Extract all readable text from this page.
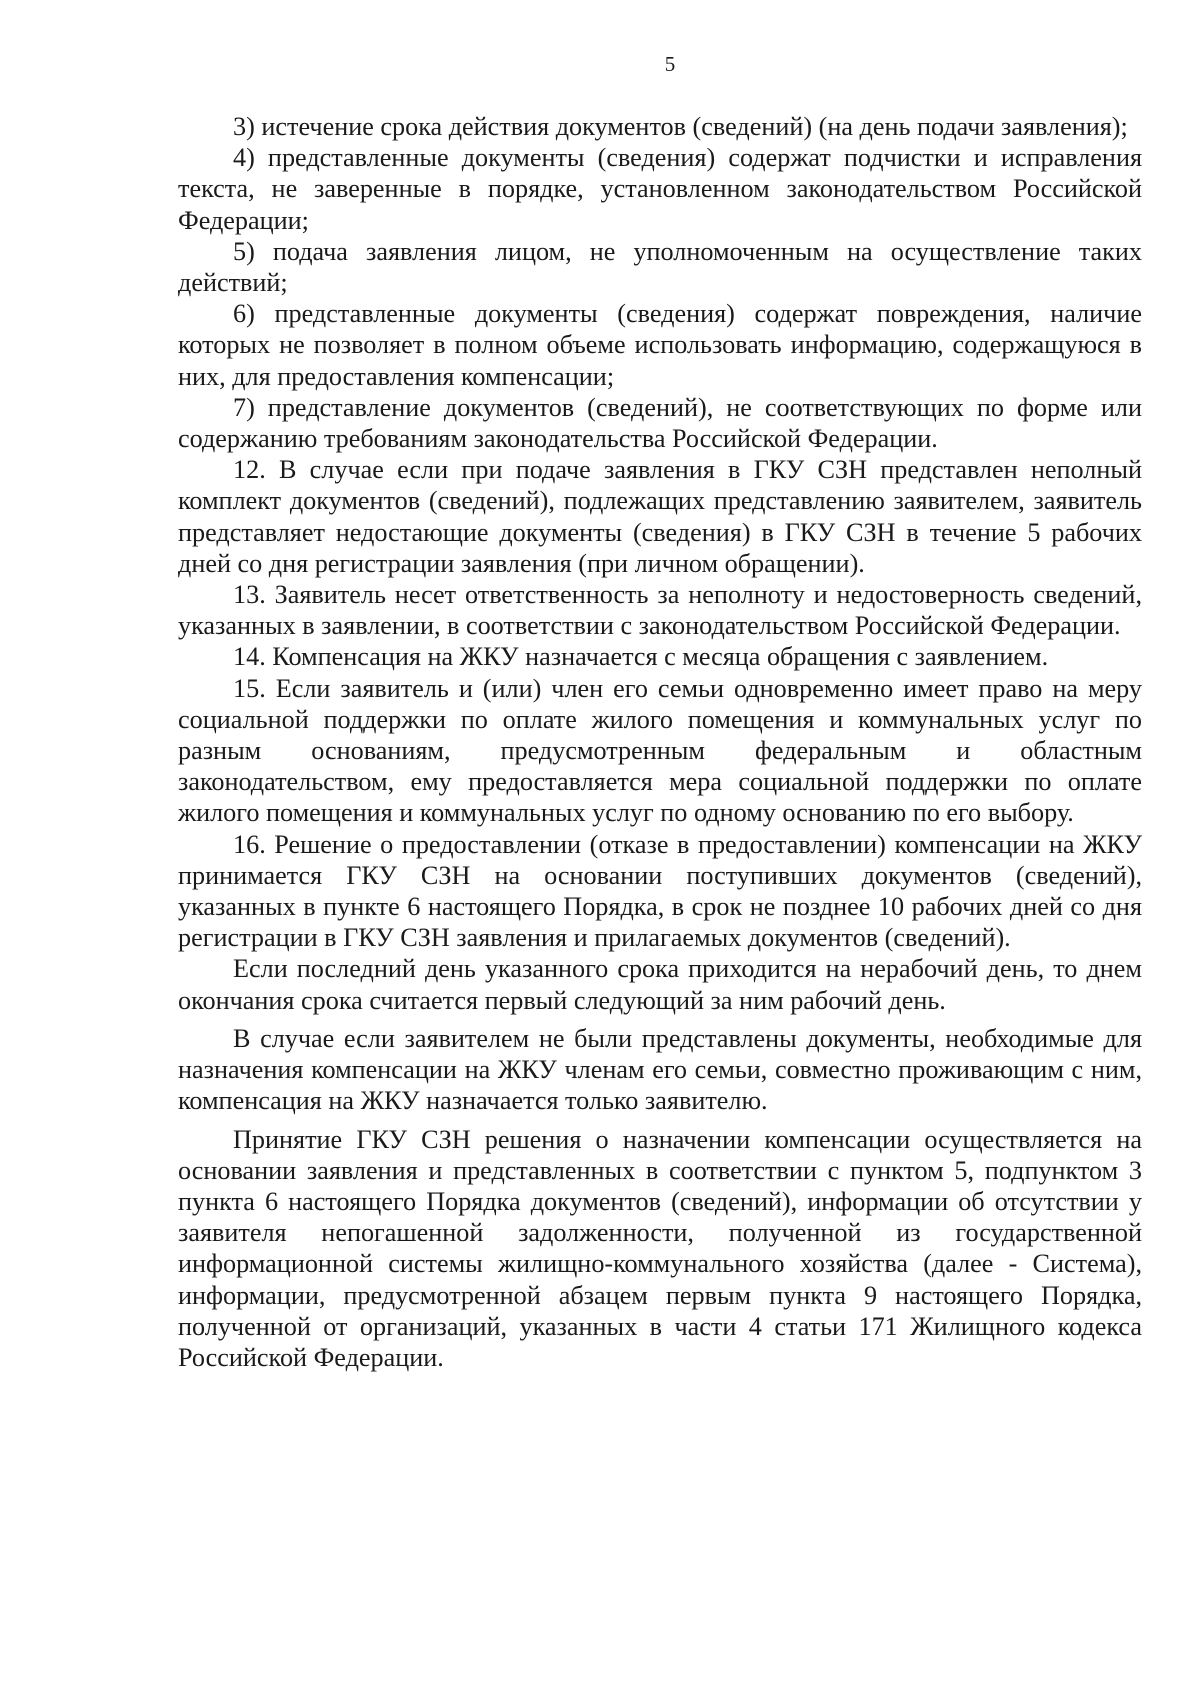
5

3) истечение срока действия документов (сведений) (на день подачи заявления);

4) представленные документы (сведения) содержат подчистки и исправления текста, не заверенные в порядке, установленном законодательством Российской Федерации;

5) подача заявления лицом, не уполномоченным на осуществление таких действий;

6) представленные документы (сведения) содержат повреждения, наличие которых не позволяет в полном объеме использовать информацию, содержащуюся в них, для предоставления компенсации;

7) представление документов (сведений), не соответствующих по форме или содержанию требованиям законодательства Российской Федерации.

12. В случае если при подаче заявления в ГКУ СЗН представлен неполный комплект документов (сведений), подлежащих представлению заявителем, заявитель представляет недостающие документы (сведения) в ГКУ СЗН в течение 5 рабочих дней со дня регистрации заявления (при личном обращении).

13. Заявитель несет ответственность за неполноту и недостоверность сведений, указанных в заявлении, в соответствии с законодательством Российской Федерации.

14. Компенсация на ЖКУ назначается с месяца обращения с заявлением.

15. Если заявитель и (или) член его семьи одновременно имеет право на меру социальной поддержки по оплате жилого помещения и коммунальных услуг по разным основаниям, предусмотренным федеральным и областным законодательством, ему предоставляется мера социальной поддержки по оплате жилого помещения и коммунальных услуг по одному основанию по его выбору.

16. Решение о предоставлении (отказе в предоставлении) компенсации на ЖКУ принимается ГКУ СЗН на основании поступивших документов (сведений), указанных в пункте 6 настоящего Порядка, в срок не позднее 10 рабочих дней со дня регистрации в ГКУ СЗН заявления и прилагаемых документов (сведений).

Если последний день указанного срока приходится на нерабочий день, то днем окончания срока считается первый следующий за ним рабочий день.

В случае если заявителем не были представлены документы, необходимые для назначения компенсации на ЖКУ членам его семьи, совместно проживающим с ним, компенсация на ЖКУ назначается только заявителю.

Принятие ГКУ СЗН решения о назначении компенсации осуществляется на основании заявления и представленных в соответствии с пунктом 5, подпунктом 3 пункта 6 настоящего Порядка документов (сведений), информации об отсутствии у заявителя непогашенной задолженности, полученной из государственной информационной системы жилищно-коммунального хозяйства (далее - Система), информации, предусмотренной абзацем первым пункта 9 настоящего Порядка, полученной от организаций, указанных в части 4 статьи 171 Жилищного кодекса Российской Федерации.
